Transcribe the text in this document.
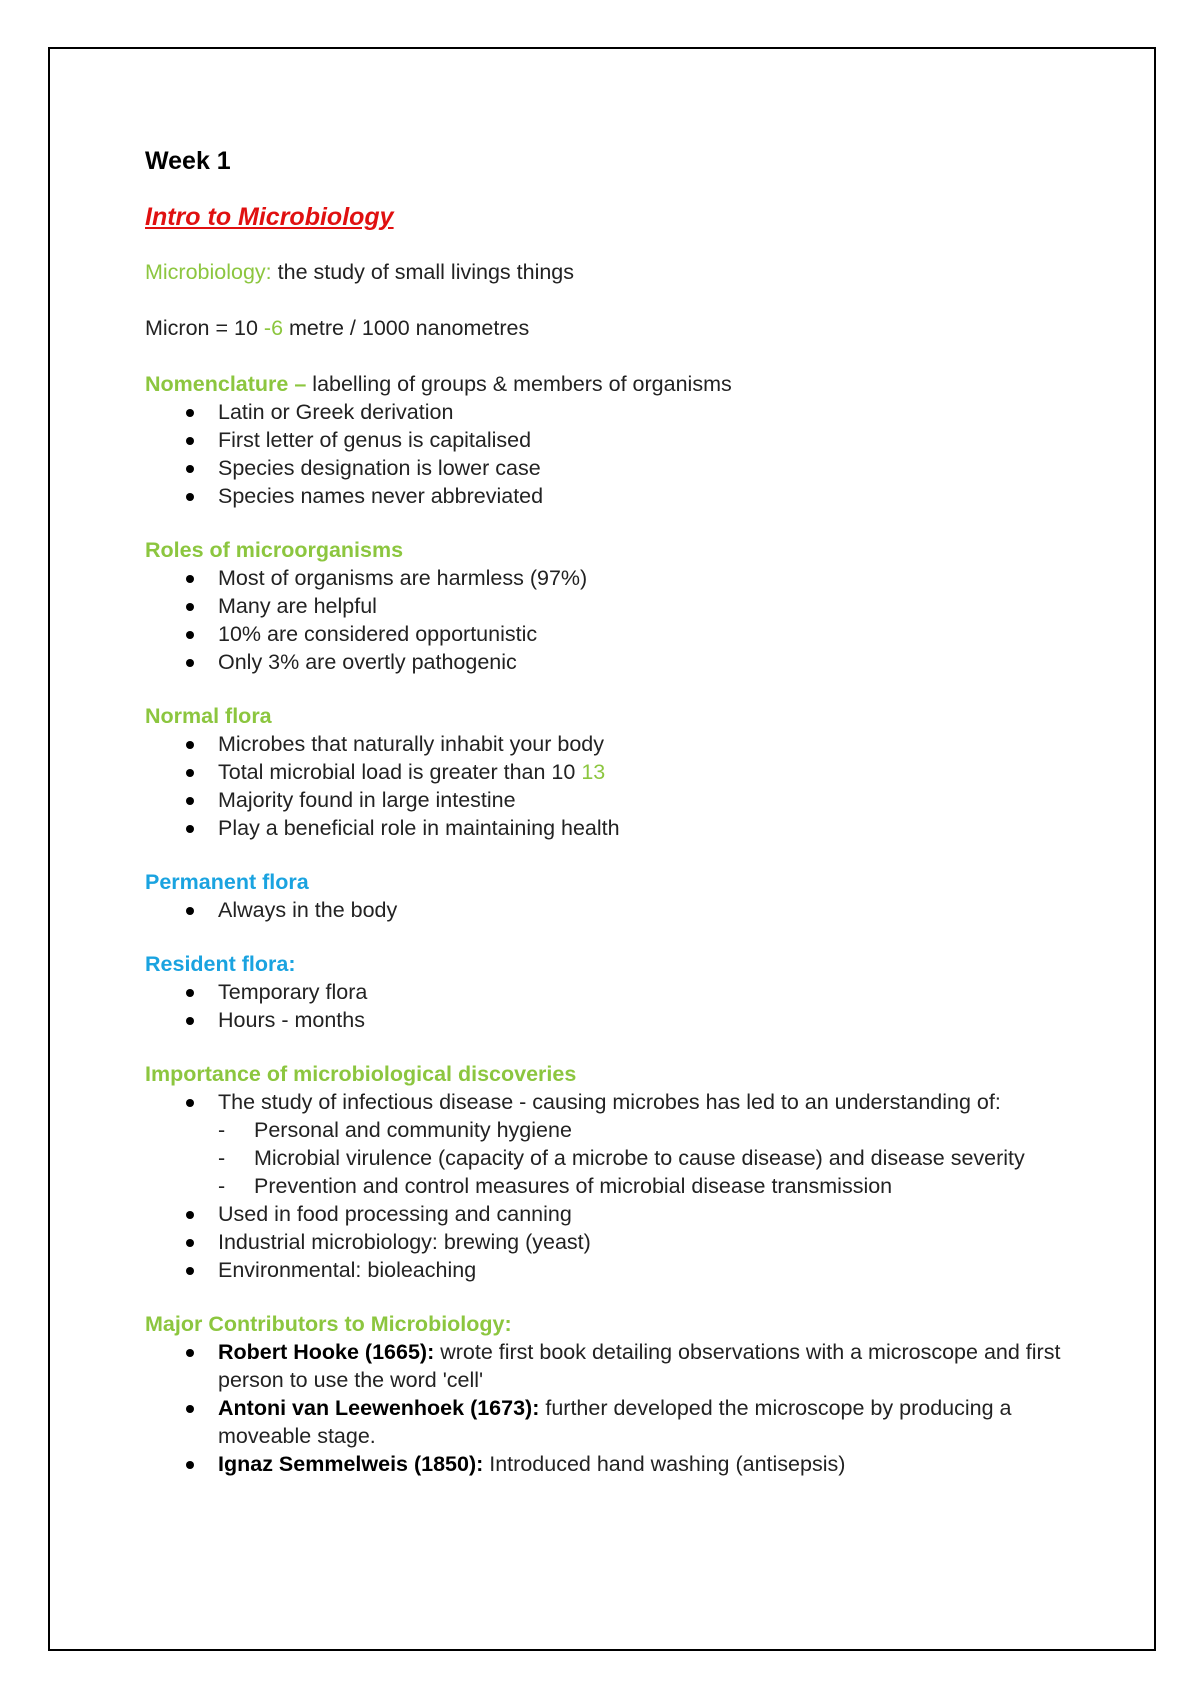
Week 1
Intro to Microbiology
Microbiology: the study of small livings things
Micron = 10 -6 metre / 1000 nanometres
Nomenclature – labelling of groups & members of organisms
Latin or Greek derivation
First letter of genus is capitalised
Species designation is lower case
Species names never abbreviated
Roles of microorganisms
Most of organisms are harmless (97%)
Many are helpful
10% are considered opportunistic
Only 3% are overtly pathogenic
Normal flora
Microbes that naturally inhabit your body
Total microbial load is greater than 10 13
Majority found in large intestine
Play a beneficial role in maintaining health
Permanent flora
Always in the body
Resident flora:
Temporary flora
Hours - months
Importance of microbiological discoveries
The study of infectious disease - causing microbes has led to an understanding of:
- Personal and community hygiene
- Microbial virulence (capacity of a microbe to cause disease) and disease severity
- Prevention and control measures of microbial disease transmission
Used in food processing and canning
Industrial microbiology: brewing (yeast)
Environmental: bioleaching
Major Contributors to Microbiology:
Robert Hooke (1665): wrote first book detailing observations with a microscope and first person to use the word 'cell'
Antoni van Leewenhoek (1673): further developed the microscope by producing a moveable stage.
Ignaz Semmelweis (1850): Introduced hand washing (antisepsis)
